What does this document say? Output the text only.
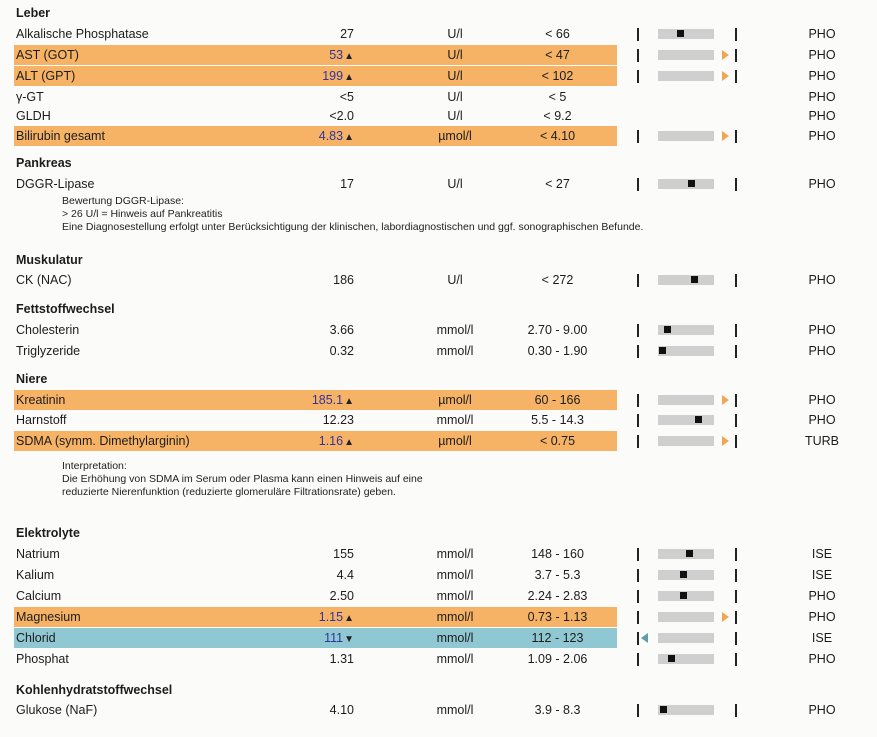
Leber
Alkalische Phosphatase	27	U/l	< 66	PHO
AST (GOT)	53▲	U/l	< 47	PHO
ALT (GPT)	199▲	U/l	< 102	PHO
γ-GT	<5	U/l	< 5	PHO
GLDH	<2.0	U/l	< 9.2	PHO
Bilirubin gesamt	4.83▲	µmol/l	< 4.10	PHO
Pankreas
DGGR-Lipase	17	U/l	< 27	PHO
Muskulatur
CK (NAC)	186	U/l	< 272	PHO
Fettstoffwechsel
Cholesterin	3.66	mmol/l	2.70 - 9.00	PHO
Triglyzeride	0.32	mmol/l	0.30 - 1.90	PHO
Niere
Kreatinin	185.1▲	µmol/l	60 - 166	PHO
Harnstoff	12.23	mmol/l	5.5 - 14.3	PHO
SDMA (symm. Dimethylarginin)	1.16▲	µmol/l	< 0.75	TURB
Elektrolyte
Natrium	155	mmol/l	148 - 160	ISE
Kalium	4.4	mmol/l	3.7 - 5.3	ISE
Calcium	2.50	mmol/l	2.24 - 2.83	PHO
Magnesium	1.15▲	mmol/l	0.73 - 1.13	PHO
Chlorid	111▼	mmol/l	112 - 123	ISE
Phosphat	1.31	mmol/l	1.09 - 2.06	PHO
Kohlenhydratstoffwechsel
Glukose (NaF)	4.10	mmol/l	3.9 - 8.3	PHO
Bewertung DGGR-Lipase:
> 26 U/l = Hinweis auf Pankreatitis
Eine Diagnosestellung erfolgt unter Berücksichtigung der klinischen, labordiagnostischen und ggf. sonographischen Befunde.
Interpretation:
Die Erhöhung von SDMA im Serum oder Plasma kann einen Hinweis auf eine
reduzierte Nierenfunktion (reduzierte glomeruläre Filtrationsrate) geben.
